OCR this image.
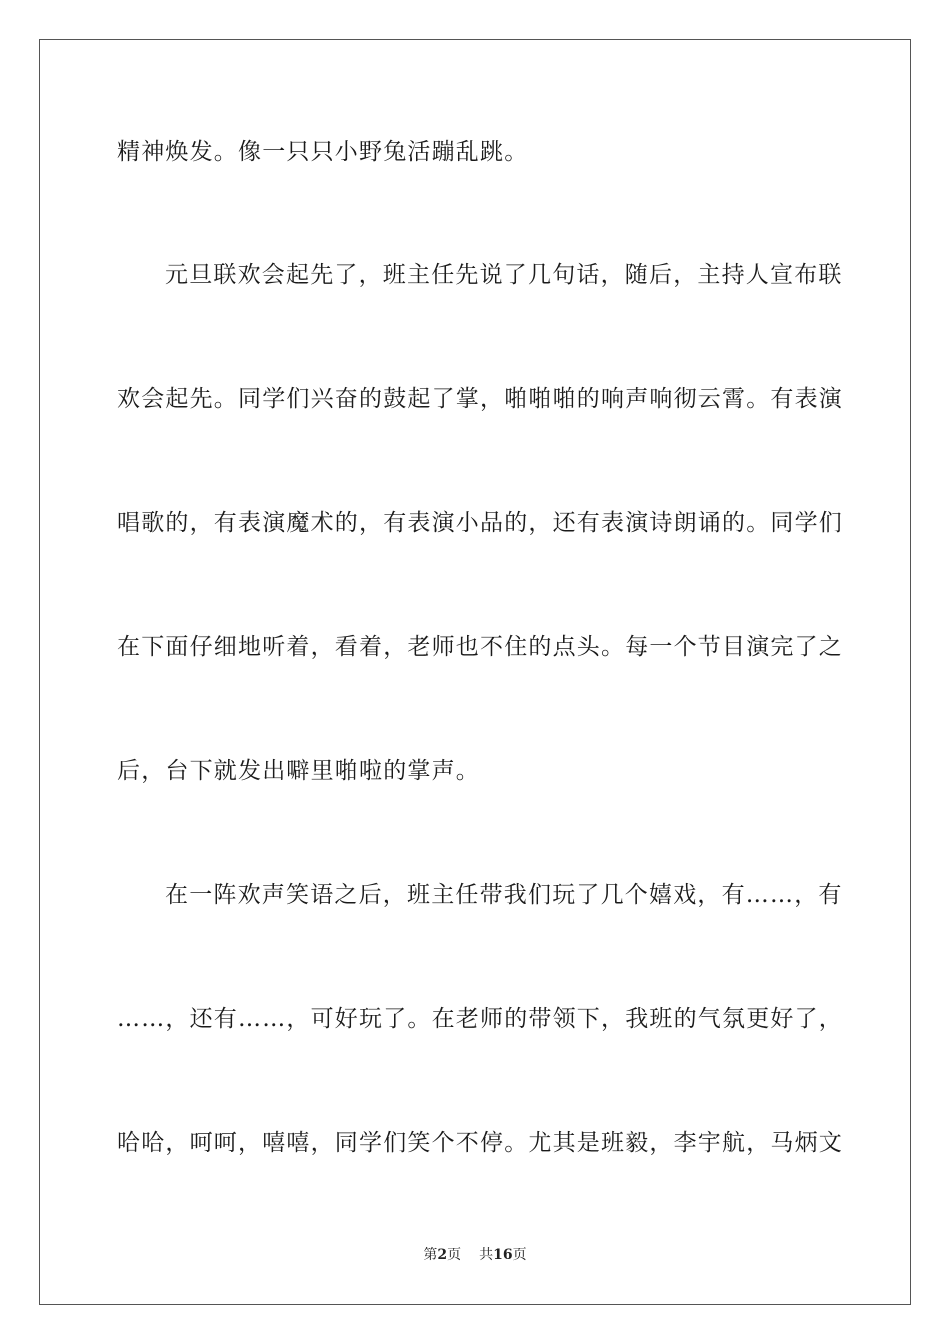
精神焕发。像一只只小野兔活蹦乱跳。
元旦联欢会起先了，班主任先说了几句话，随后，主持人宣布联
欢会起先。同学们兴奋的鼓起了掌，啪啪啪的响声响彻云霄。有表演
唱歌的，有表演魔术的，有表演小品的，还有表演诗朗诵的。同学们
在下面仔细地听着，看着，老师也不住的点头。每一个节目演完了之
后，台下就发出噼里啪啦的掌声。
在一阵欢声笑语之后，班主任带我们玩了几个嬉戏，有……，有
……，还有……，可好玩了。在老师的带领下，我班的气氛更好了，
哈哈，呵呵，嘻嘻，同学们笑个不停。尤其是班毅，李宇航，马炳文
第2页 共16页
